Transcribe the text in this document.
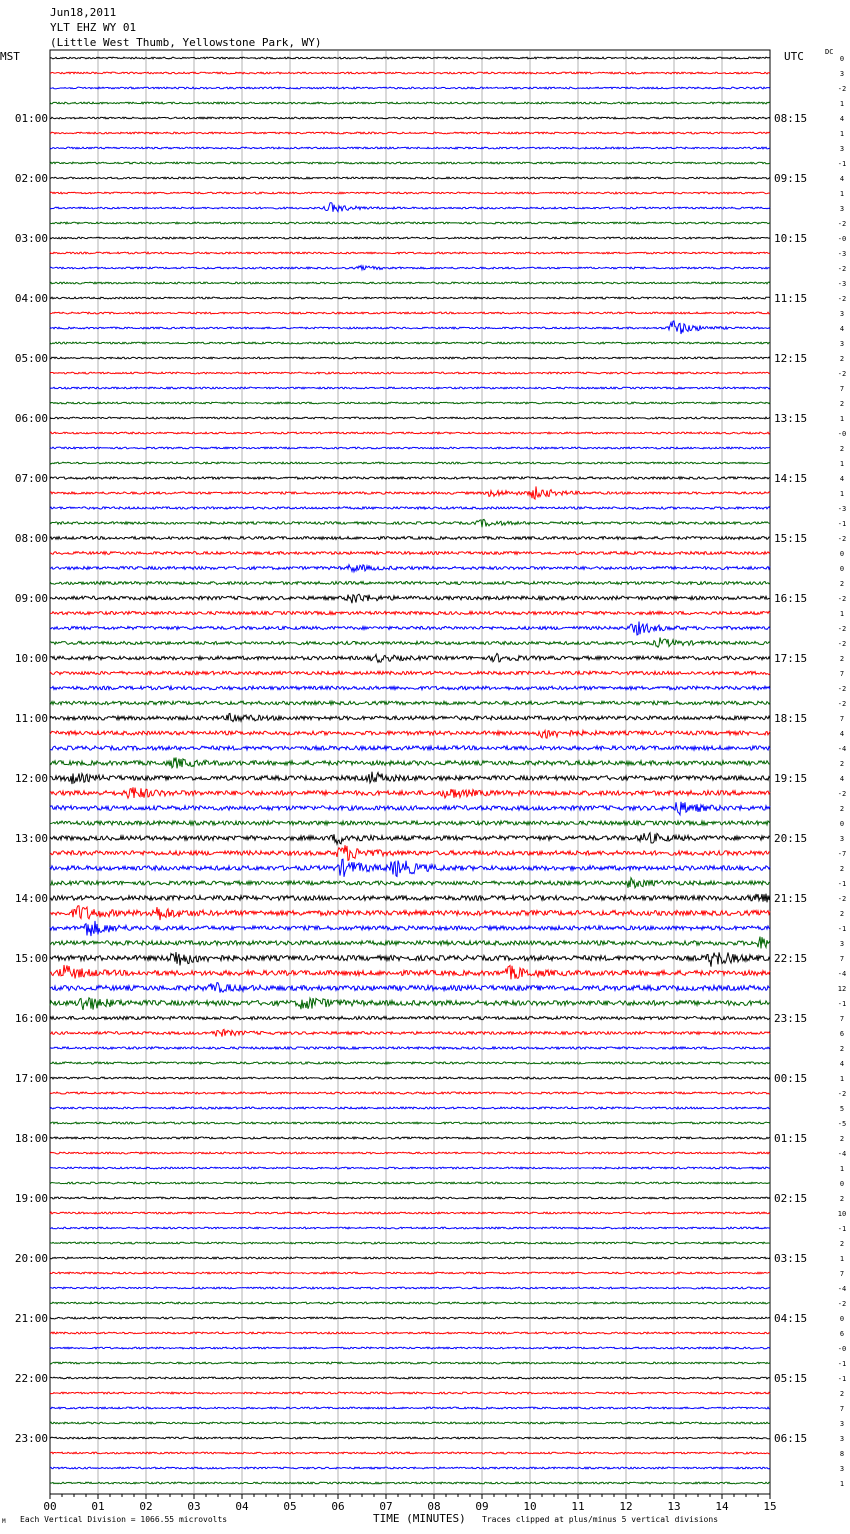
0
3
-2
1
4
1
3
-1
4
1
3
-2
-0
-3
-2
-3
-2
3
4
3
2
-2
7
2
1
-0
2
1
4
1
-3
-1
-2
0
0
2
-2
1
-2
-2
2
7
-2
-2
7
4
-4
2
4
-2
2
0
3
-7
2
-1
-2
2
-1
3
7
-4
12
-1
7
6
2
4
1
-2
5
-5
2
-4
1
0
2
10
-1
2
1
7
-4
-2
0
6
-0
-1
-1
2
7
3
3
8
3
1
01:00
02:00
03:00
04:00
05:00
06:00
07:00
08:00
09:00
10:00
11:00
12:00
13:00
14:00
15:00
16:00
17:00
18:00
19:00
20:00
21:00
22:00
23:00
08:15
09:15
10:15
11:15
12:15
13:15
14:15
15:15
16:15
17:15
18:15
19:15
20:15
21:15
22:15
23:15
00:15
01:15
02:15
03:15
04:15
05:15
06:15
00	01	02	03	04	05	06	07	08	09	10	11	12	13	14	15
Jun18,2011
YLT EHZ WY 01
(Little West Thumb, Yellowstone Park, WY)
MST	UTC	DC
TIME (MINUTES)
M Each Vertical Division = 1066.55 microvolts	Traces clipped at plus/minus 5 vertical divisions
